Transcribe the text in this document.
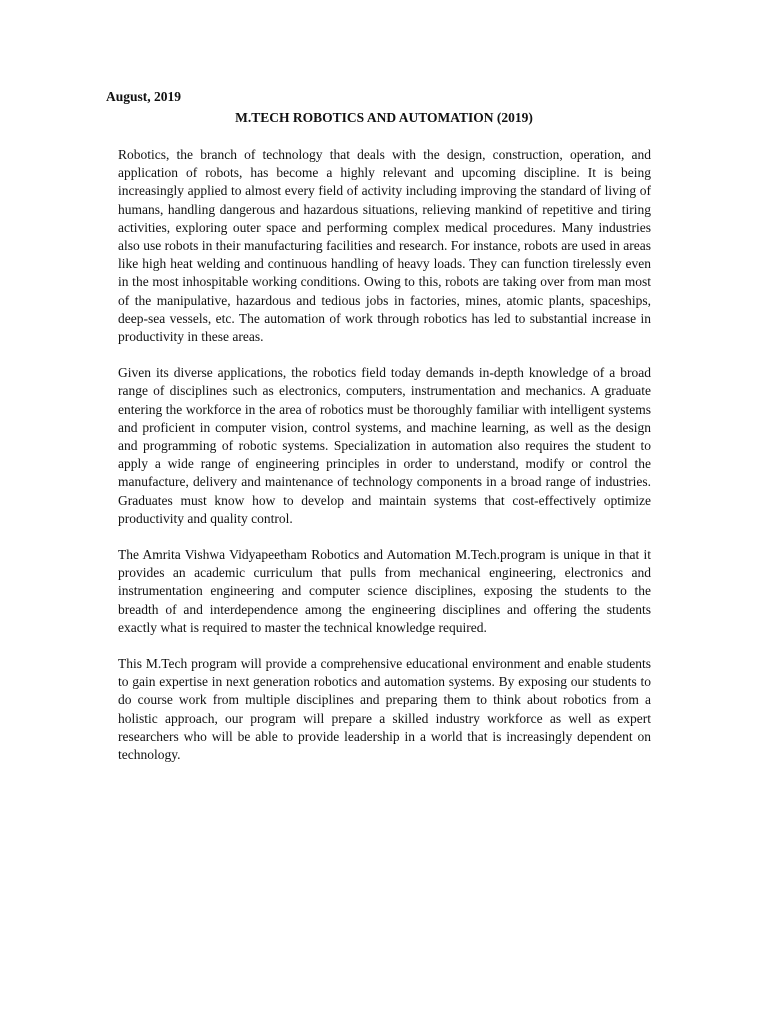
August, 2019
M.TECH ROBOTICS AND AUTOMATION (2019)

Robotics, the branch of technology that deals with the design, construction, operation, and application of robots, has become a highly relevant and upcoming discipline. It is being increasingly applied to almost every field of activity including improving the standard of living of humans, handling dangerous and hazardous situations, relieving mankind of repetitive and tiring activities, exploring outer space and performing complex medical procedures. Many industries also use robots in their manufacturing facilities and research. For instance, robots are used in areas like high heat welding and continuous handling of heavy loads. They can function tirelessly even in the most inhospitable working conditions. Owing to this, robots are taking over from man most of the manipulative, hazardous and tedious jobs in factories, mines, atomic plants, spaceships, deep-sea vessels, etc. The automation of work through robotics has led to substantial increase in productivity in these areas.

Given its diverse applications, the robotics field today demands in-depth knowledge of a broad range of disciplines such as electronics, computers, instrumentation and mechanics. A graduate entering the workforce in the area of robotics must be thoroughly familiar with intelligent systems and proficient in computer vision, control systems, and machine learning, as well as the design and programming of robotic systems. Specialization in automation also requires the student to apply a wide range of engineering principles in order to understand, modify or control the manufacture, delivery and maintenance of technology components in a broad range of industries. Graduates must know how to develop and maintain systems that cost-effectively optimize productivity and quality control.

The Amrita Vishwa Vidyapeetham Robotics and Automation M.Tech.program is unique in that it provides an academic curriculum that pulls from mechanical engineering, electronics and instrumentation engineering and computer science disciplines, exposing the students to the breadth of and interdependence among the engineering disciplines and offering the students exactly what is required to master the technical knowledge required.

This M.Tech program will provide a comprehensive educational environment and enable students to gain expertise in next generation robotics and automation systems. By exposing our students to do course work from multiple disciplines and preparing them to think about robotics from a holistic approach, our program will prepare a skilled industry workforce as well as expert researchers who will be able to provide leadership in a world that is increasingly dependent on technology.
